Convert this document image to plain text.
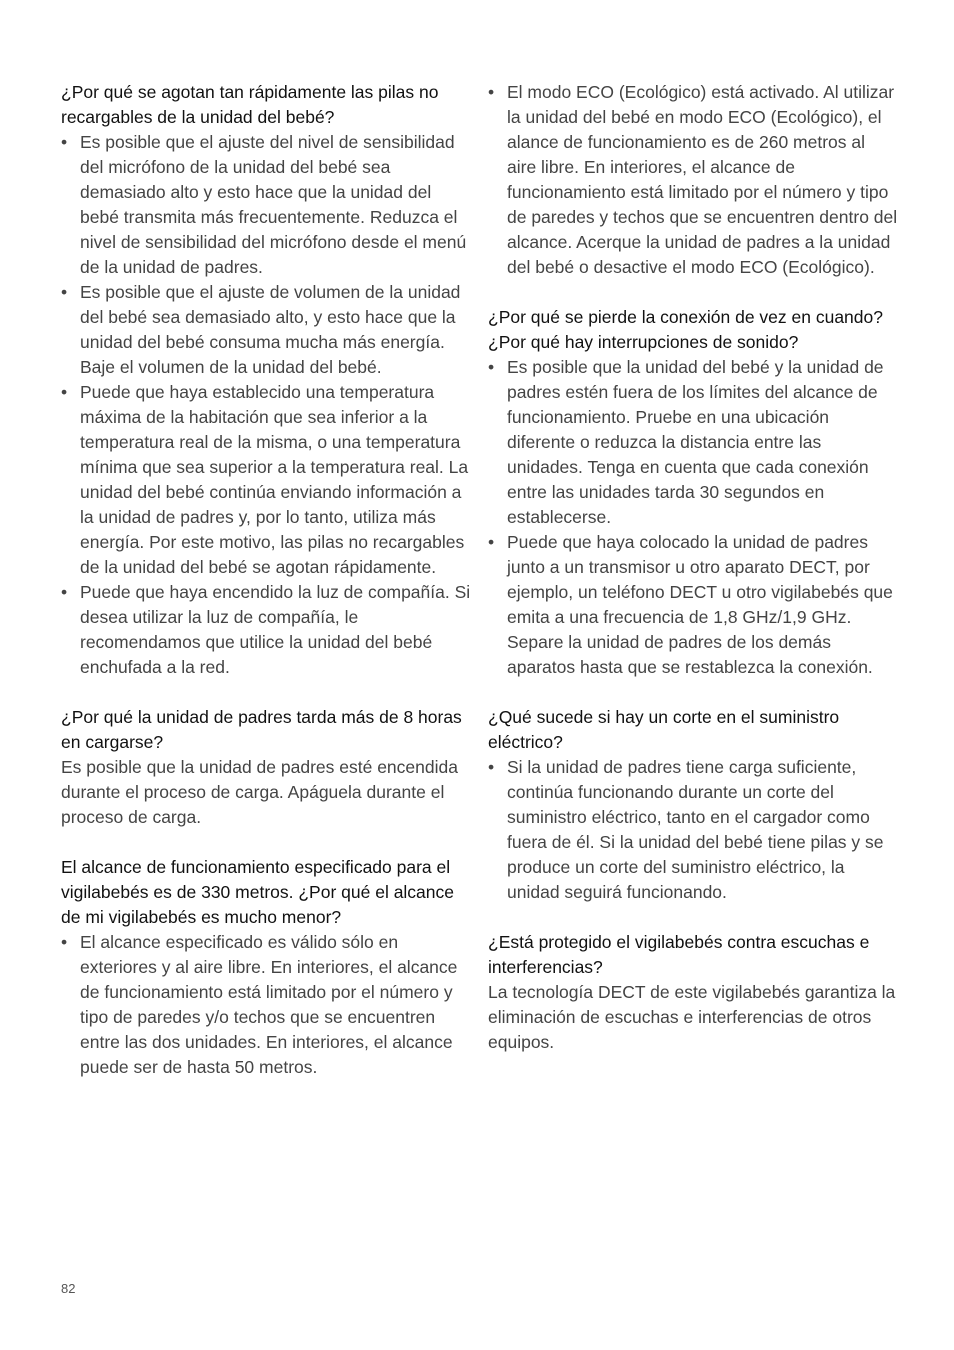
¿Por qué se agotan tan rápidamente las pilas no recargables de la unidad del bebé?

• Es posible que el ajuste del nivel de sensibilidad del micrófono de la unidad del bebé sea demasiado alto y esto hace que la unidad del bebé transmita más frecuentemente. Reduzca el nivel de sensibilidad del micrófono desde el menú de la unidad de padres.
• Es posible que el ajuste de volumen de la unidad del bebé sea demasiado alto, y esto hace que la unidad del bebé consuma mucha más energía. Baje el volumen de la unidad del bebé.
• Puede que haya establecido una temperatura máxima de la habitación que sea inferior a la temperatura real de la misma, o una temperatura mínima que sea superior a la temperatura real. La unidad del bebé continúa enviando información a la unidad de padres y, por lo tanto, utiliza más energía. Por este motivo, las pilas no recargables de la unidad del bebé se agotan rápidamente.
• Puede que haya encendido la luz de compañía. Si desea utilizar la luz de compañía, le recomendamos que utilice la unidad del bebé enchufada a la red.

¿Por qué la unidad de padres tarda más de 8 horas en cargarse?

Es posible que la unidad de padres esté encendida durante el proceso de carga. Apáguela durante el proceso de carga.

El alcance de funcionamiento especificado para el vigilabebés es de 330 metros. ¿Por qué el alcance de mi vigilabebés es mucho menor?

• El alcance especificado es válido sólo en exteriores y al aire libre. En interiores, el alcance de funcionamiento está limitado por el número y tipo de paredes y/o techos que se encuentren entre las dos unidades. En interiores, el alcance puede ser de hasta 50 metros.
• El modo ECO (Ecológico) está activado. Al utilizar la unidad del bebé en modo ECO (Ecológico), el alance de funcionamiento es de 260 metros al aire libre. En interiores, el alcance de funcionamiento está limitado por el número y tipo de paredes y techos que se encuentren dentro del alcance. Acerque la unidad de padres a la unidad del bebé o desactive el modo ECO (Ecológico).

¿Por qué se pierde la conexión de vez en cuando? ¿Por qué hay interrupciones de sonido?

• Es posible que la unidad del bebé y la unidad de padres estén fuera de los límites del alcance de funcionamiento. Pruebe en una ubicación diferente o reduzca la distancia entre las unidades. Tenga en cuenta que cada conexión entre las unidades tarda 30 segundos en establecerse.
• Puede que haya colocado la unidad de padres junto a un transmisor u otro aparato DECT, por ejemplo, un teléfono DECT u otro vigilabebés que emita a una frecuencia de 1,8 GHz/1,9 GHz. Separe la unidad de padres de los demás aparatos hasta que se restablezca la conexión.

¿Qué sucede si hay un corte en el suministro eléctrico?

• Si la unidad de padres tiene carga suficiente, continúa funcionando durante un corte del suministro eléctrico, tanto en el cargador como fuera de él. Si la unidad del bebé tiene pilas y se produce un corte del suministro eléctrico, la unidad seguirá funcionando.

¿Está protegido el vigilabebés contra escuchas e interferencias?

La tecnología DECT de este vigilabebés garantiza la eliminación de escuchas e interferencias de otros equipos.

82
